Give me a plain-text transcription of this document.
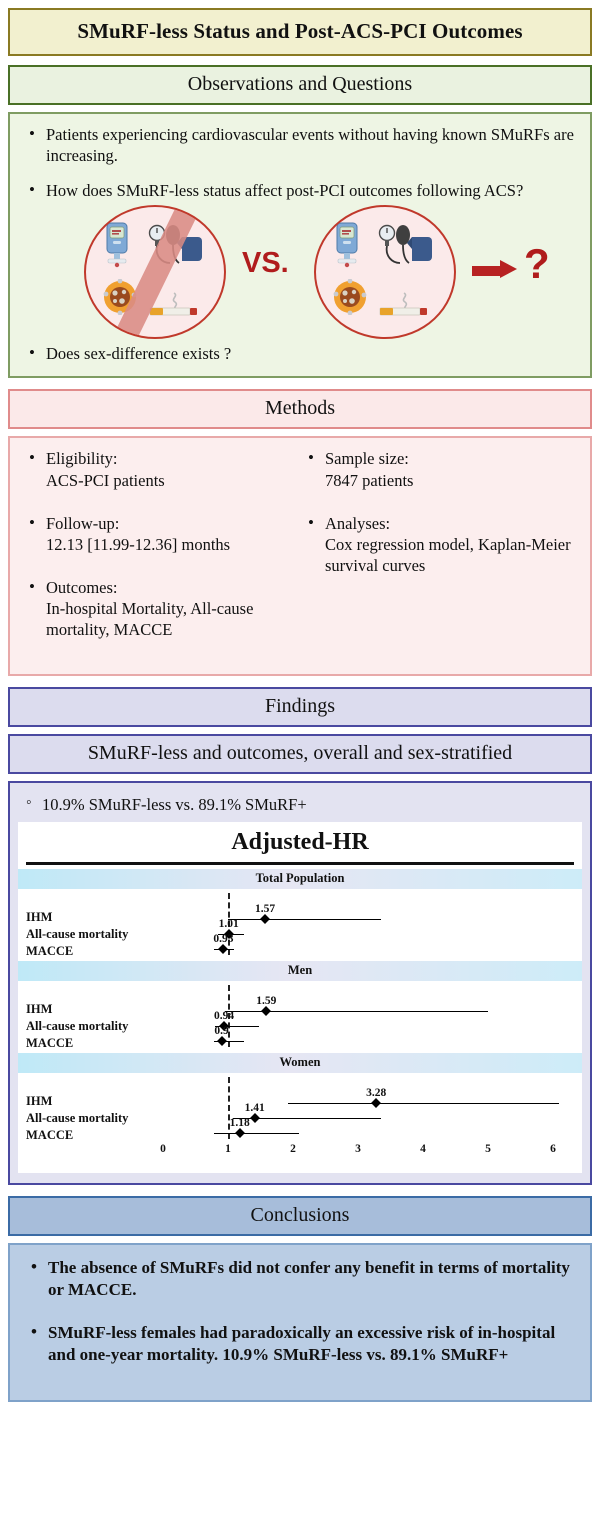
SMuRF-less Status and Post-ACS-PCI Outcomes
Observations and Questions
• Patients experiencing cardiovascular events without having known SMuRFs are increasing.
• How does SMuRF-less status affect post-PCI outcomes following ACS?
VS.	?
• Does sex-difference exists ?
Methods
• Eligibility:
ACS-PCI patients
• Follow-up:
12.13 [11.99-12.36] months
• Outcomes:
In-hospital Mortality, All-cause mortality, MACCE
• Sample size:
7847 patients
• Analyses:
Cox regression model, Kaplan-Meier survival curves
Findings
SMuRF-less and outcomes, overall and sex-stratified
◦ 10.9% SMuRF-less vs. 89.1% SMuRF+
Adjusted-HR
Total Population
IHM
All-cause mortality
MACCE
1.57
1.01
0.93
Men
IHM
All-cause mortality
MACCE
1.59
0.94
0.9
Women
IHM
All-cause mortality
MACCE
3.28
1.41
1.18
0	1	2	3	4	5	6
Conclusions
• The absence of SMuRFs did not confer any benefit in terms of mortality or MACCE.
• SMuRF-less females had paradoxically an excessive risk of in-hospital and one-year mortality. 10.9% SMuRF-less vs. 89.1% SMuRF+
